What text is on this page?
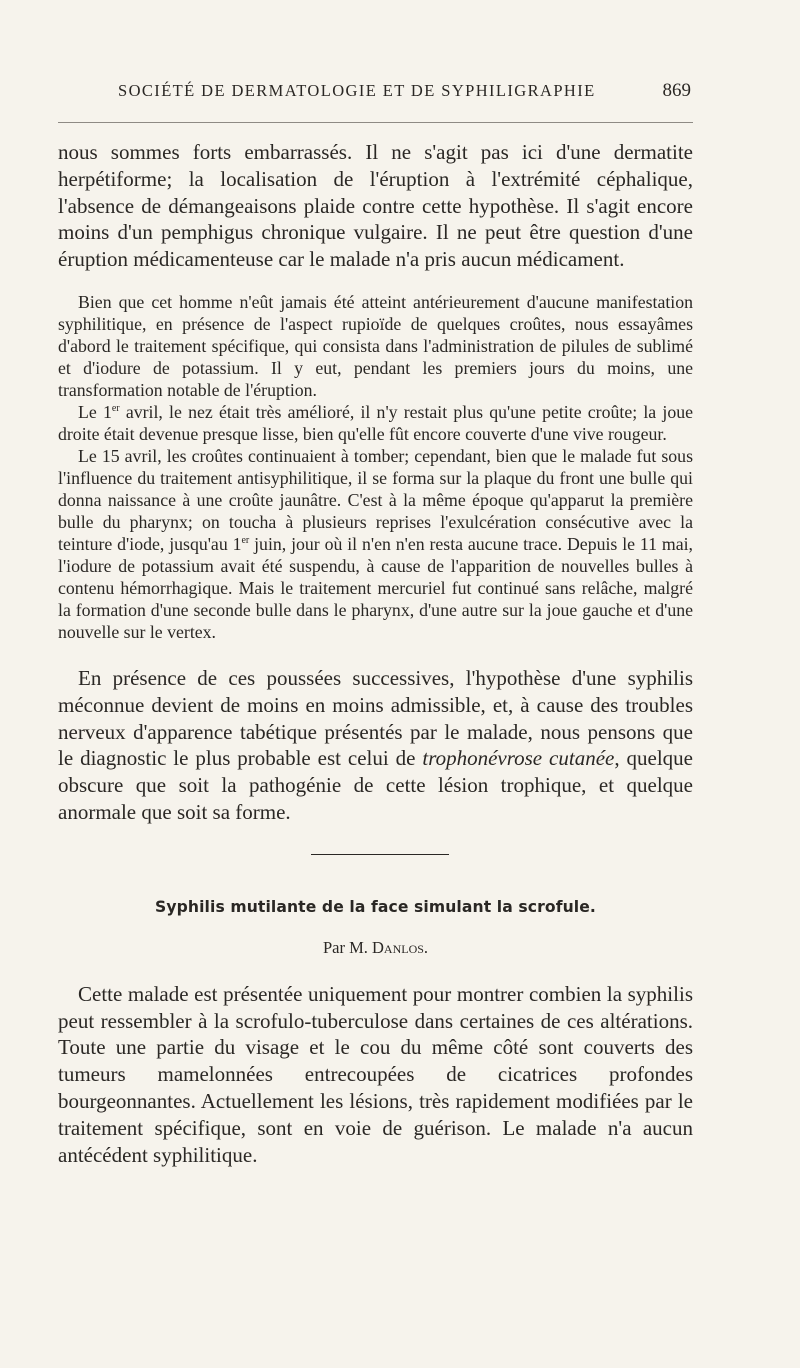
SOCIÉTÉ DE DERMATOLOGIE ET DE SYPHILIGRAPHIE	869

nous sommes forts embarrassés. Il ne s'agit pas ici d'une dermatite herpétiforme; la localisation de l'éruption à l'extrémité céphalique, l'absence de démangeaisons plaide contre cette hypothèse. Il s'agit encore moins d'un pemphigus chronique vulgaire. Il ne peut être question d'une éruption médicamenteuse car le malade n'a pris aucun médicament.

Bien que cet homme n'eût jamais été atteint antérieurement d'aucune manifestation syphilitique, en présence de l'aspect rupioïde de quelques croûtes, nous essayâmes d'abord le traitement spécifique, qui consista dans l'administration de pilules de sublimé et d'iodure de potassium. Il y eut, pendant les premiers jours du moins, une transformation notable de l'éruption.

Le 1er avril, le nez était très amélioré, il n'y restait plus qu'une petite croûte; la joue droite était devenue presque lisse, bien qu'elle fût encore couverte d'une vive rougeur.

Le 15 avril, les croûtes continuaient à tomber; cependant, bien que le malade fut sous l'influence du traitement antisyphilitique, il se forma sur la plaque du front une bulle qui donna naissance à une croûte jaunâtre. C'est à la même époque qu'apparut la première bulle du pharynx; on toucha à plusieurs reprises l'exulcération consécutive avec la teinture d'iode, jusqu'au 1er juin, jour où il n'en n'en resta aucune trace. Depuis le 11 mai, l'iodure de potassium avait été suspendu, à cause de l'apparition de nouvelles bulles à contenu hémorrhagique. Mais le traitement mercuriel fut continué sans relâche, malgré la formation d'une seconde bulle dans le pharynx, d'une autre sur la joue gauche et d'une nouvelle sur le vertex.

En présence de ces poussées successives, l'hypothèse d'une syphilis méconnue devient de moins en moins admissible, et, à cause des troubles nerveux d'apparence tabétique présentés par le malade, nous pensons que le diagnostic le plus probable est celui de trophonévrose cutanée, quelque obscure que soit la pathogénie de cette lésion trophique, et quelque anormale que soit sa forme.

Syphilis mutilante de la face simulant la scrofule.
Par M. Danlos.

Cette malade est présentée uniquement pour montrer combien la syphilis peut ressembler à la scrofulo-tuberculose dans certaines de ces altérations. Toute une partie du visage et le cou du même côté sont couverts des tumeurs mamelonnées entrecoupées de cicatrices profondes bourgeonnantes. Actuellement les lésions, très rapidement modifiées par le traitement spécifique, sont en voie de guérison. Le malade n'a aucun antécédent syphilitique.
